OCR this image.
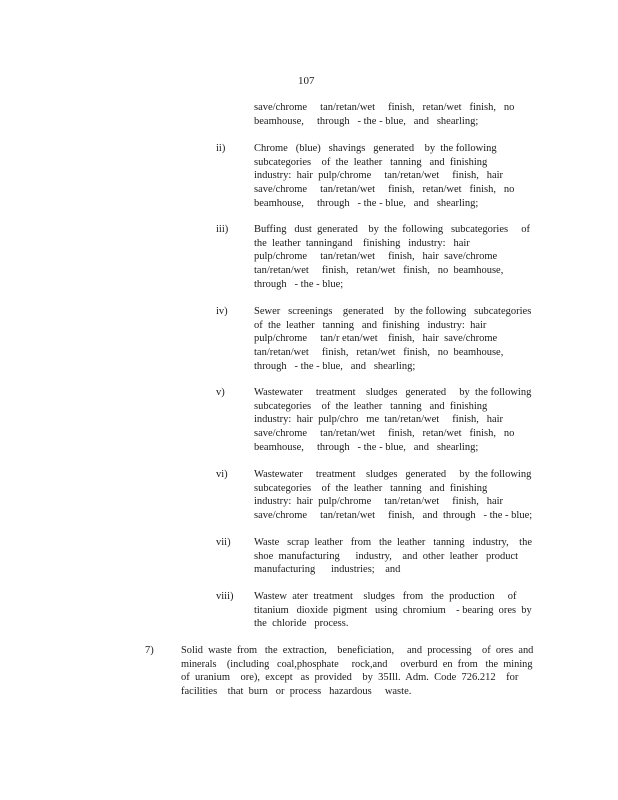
107
save/chrome     tan/retan/wet     finish,   retan/wet   finish,   no
beamhouse,     through   - the - blue,   and   shearling;
ii)	Chrome   (blue)   shavings   generated    by  the following
subcategories    of  the  leather   tanning   and  finishing
industry:  hair  pulp/chrome     tan/retan/wet     finish,   hair
save/chrome     tan/retan/wet     finish,   retan/wet   finish,   no
beamhouse,     through   - the - blue,   and   shearling;
iii) Buffing   dust  generated    by  the  following   subcategories     of
the  leather  tanningand    finishing   industry:   hair
pulp/chrome     tan/retan/wet     finish,   hair  save/chrome
tan/retan/wet     finish,   retan/wet   finish,   no  beamhouse,
through   - the - blue;
iv)	Sewer   screenings    generated    by  the following   subcategories
of  the  leather   tanning   and  finishing   industry:  hair
pulp/chrome     tan/r etan/wet    finish,   hair  save/chrome
tan/retan/wet     finish,   retan/wet   finish,   no  beamhouse,
through   - the - blue,   and   shearling;
v)	Wastewater     treatment    sludges   generated     by  the following
subcategories    of  the  leather   tanning   and  finishing
industry:  hair  pulp/chro   me  tan/retan/wet     finish,   hair
save/chrome     tan/retan/wet     finish,   retan/wet   finish,   no
beamhouse,     through   - the - blue,   and   shearling;
vi)	Wastewater     treatment    sludges   generated     by  the following
subcategories    of  the  leather   tanning   and  finishing
industry:  hair  pulp/chrome     tan/retan/wet     finish,   hair
save/chrome     tan/retan/wet     finish,   and  through   - the - blue;
vii) Waste   scrap  leather   from   the  leather   tanning   industry,    the
shoe  manufacturing      industry,    and  other  leather   product
manufacturing      industries;    and
viii) Wastew  ater  treatment    sludges   from   the  production     of
titanium   dioxide  pigment   using  chromium    - bearing  ores  by
the  chloride   process.
7)	Solid  waste  from   the  extraction,    beneficiation,     and  processing    of  ores  and
minerals    (including   coal,phosphate     rock,and     overburd  en  from   the  mining
of  uranium    ore),  except   as  provided    by  35Ill.  Adm.  Code  726.212    for
facilities    that  burn   or  process   hazardous     waste.
